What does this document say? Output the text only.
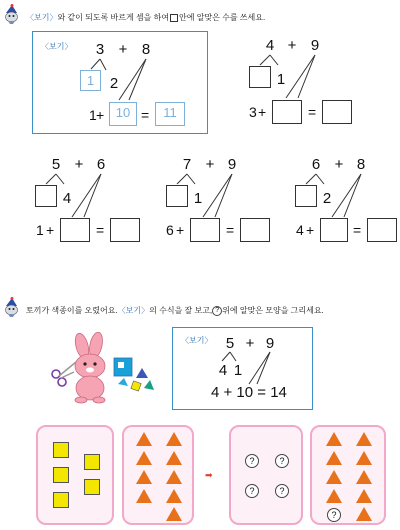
〈보기〉 와 같이 되도록 바르게 셈을 하여 안에 알맞은 수를 쓰세요.
〈보기〉 3 + 8
1	2
1 + 10 =	11
4 + 9
1
3 +	=
5 + 6
4
1 +	=
7 + 9
1
6 +	=
6 + 8
2
4 +	=
토끼가 색종이를 오렸어요. 〈보기〉 의 수식을 잘 보고, ? 위에 알맞은 모양을 그리세요.
〈보기〉 5 + 9
4 1
4 + 10 = 14
➡
?	?
?	?
?
